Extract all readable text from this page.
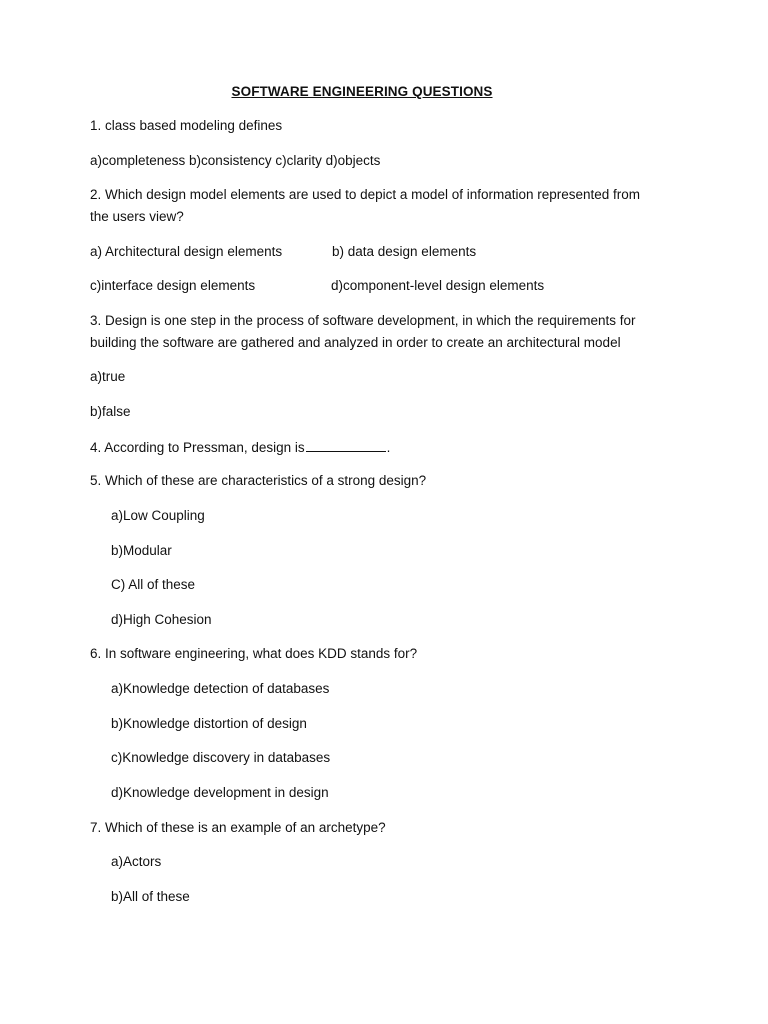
SOFTWARE ENGINEERING QUESTIONS
1. class based modeling defines
a)completeness b)consistency c)clarity d)objects
2. Which design model elements are used to depict a model of information represented from
the users view?
a) Architectural design elements	b) data design elements
c)interface design elements	d)component-level design elements
3. Design is one step in the process of software development, in which the requirements for
building the software are gathered and analyzed in order to create an architectural model
a)true
b)false
4. According to Pressman, design is	.
5. Which of these are characteristics of a strong design?
a)Low Coupling
b)Modular
C) All of these
d)High Cohesion
6. In software engineering, what does KDD stands for?
a)Knowledge detection of databases
b)Knowledge distortion of design
c)Knowledge discovery in databases
d)Knowledge development in design
7. Which of these is an example of an archetype?
a)Actors
b)All of these
